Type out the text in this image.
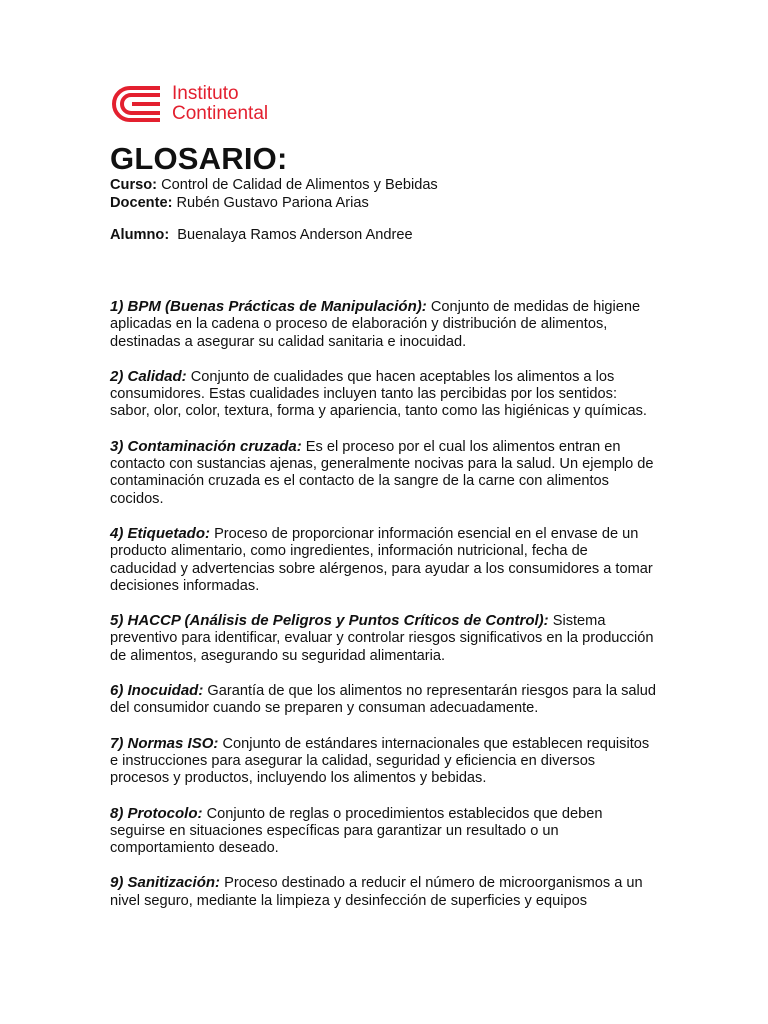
Instituto
Continental
GLOSARIO:
Curso: Control de Calidad de Alimentos y Bebidas
Docente: Rubén Gustavo Pariona Arias
Alumno: Buenalaya Ramos Anderson Andree

1) BPM (Buenas Prácticas de Manipulación): Conjunto de medidas de higiene aplicadas en la cadena o proceso de elaboración y distribución de alimentos, destinadas a asegurar su calidad sanitaria e inocuidad.

2) Calidad: Conjunto de cualidades que hacen aceptables los alimentos a los consumidores. Estas cualidades incluyen tanto las percibidas por los sentidos: sabor, olor, color, textura, forma y apariencia, tanto como las higiénicas y químicas.

3) Contaminación cruzada: Es el proceso por el cual los alimentos entran en contacto con sustancias ajenas, generalmente nocivas para la salud. Un ejemplo de contaminación cruzada es el contacto de la sangre de la carne con alimentos cocidos.

4) Etiquetado: Proceso de proporcionar información esencial en el envase de un producto alimentario, como ingredientes, información nutricional, fecha de caducidad y advertencias sobre alérgenos, para ayudar a los consumidores a tomar decisiones informadas.

5) HACCP (Análisis de Peligros y Puntos Críticos de Control): Sistema preventivo para identificar, evaluar y controlar riesgos significativos en la producción de alimentos, asegurando su seguridad alimentaria.

6) Inocuidad: Garantía de que los alimentos no representarán riesgos para la salud del consumidor cuando se preparen y consuman adecuadamente.

7) Normas ISO: Conjunto de estándares internacionales que establecen requisitos e instrucciones para asegurar la calidad, seguridad y eficiencia en diversos procesos y productos, incluyendo los alimentos y bebidas.

8) Protocolo: Conjunto de reglas o procedimientos establecidos que deben seguirse en situaciones específicas para garantizar un resultado o un comportamiento deseado.

9) Sanitización: Proceso destinado a reducir el número de microorganismos a un nivel seguro, mediante la limpieza y desinfección de superficies y equipos
